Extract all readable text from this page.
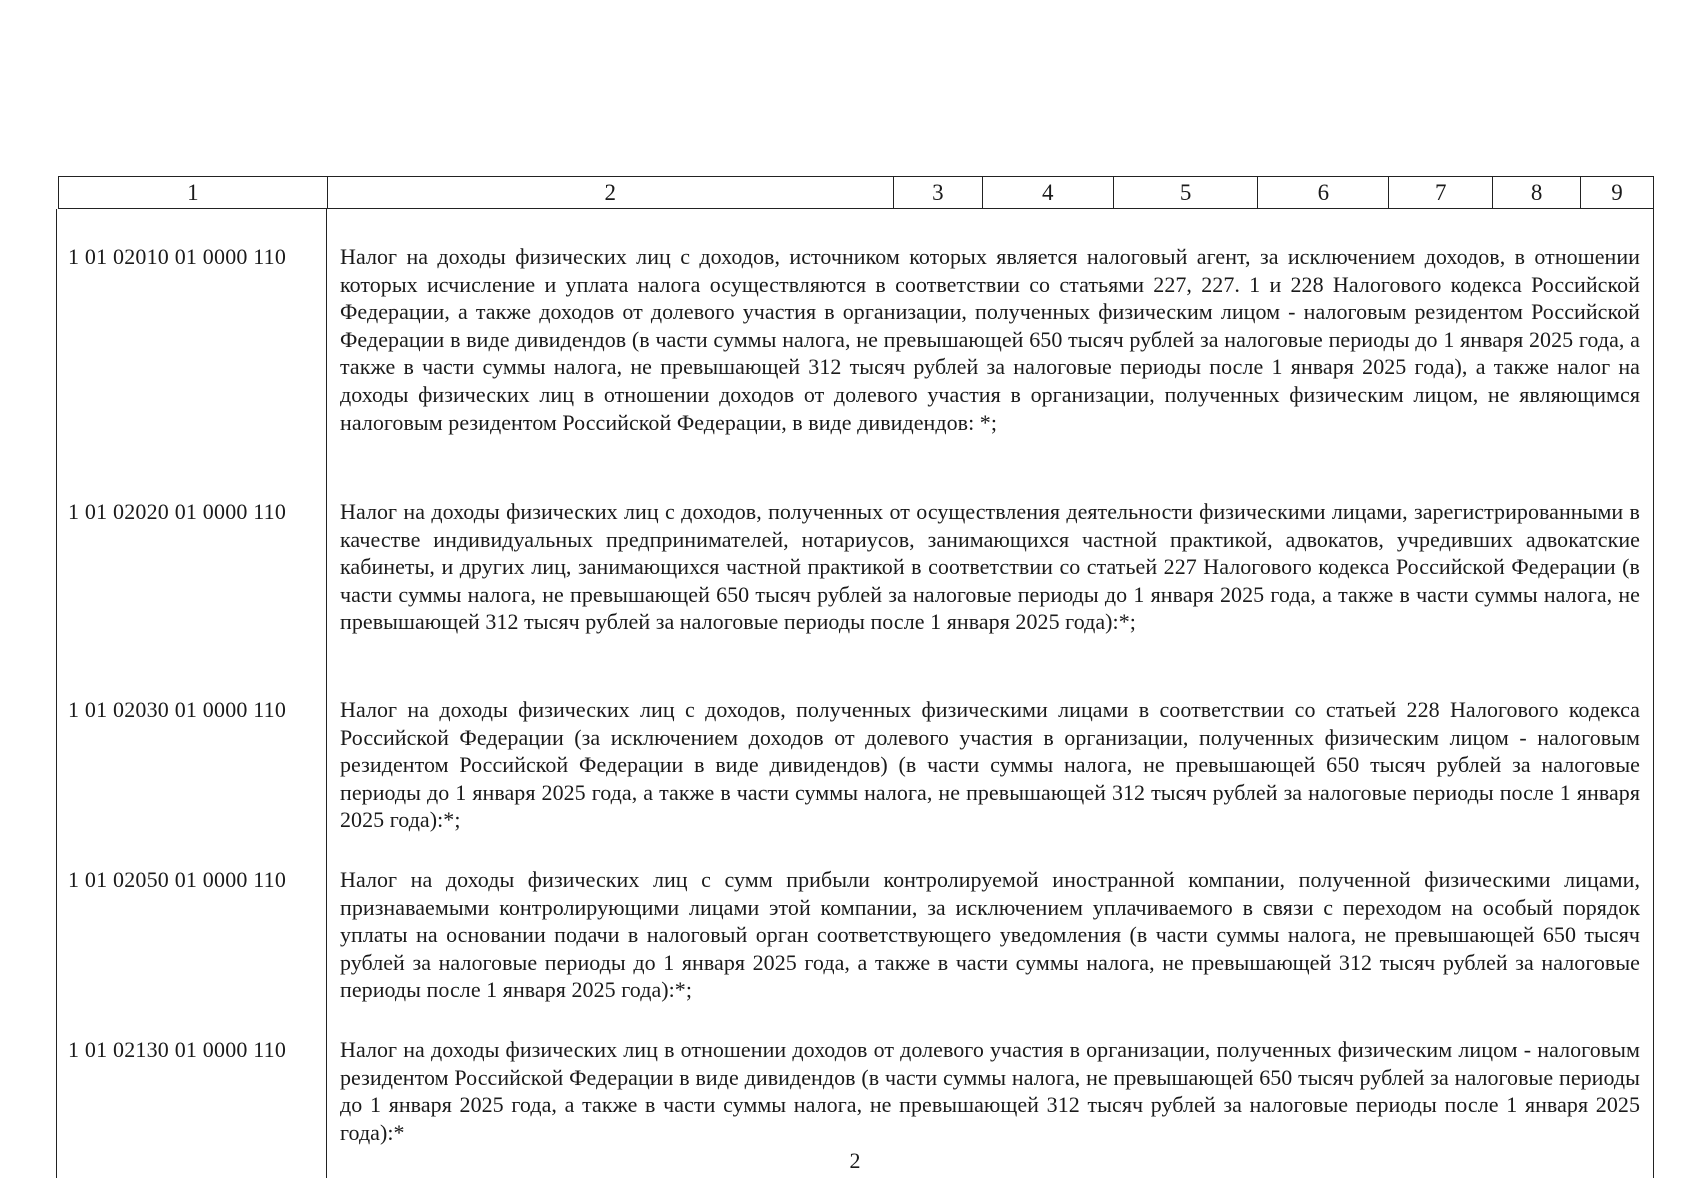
1	2	3	4	5	6	7	8	9
1 01 02010 01 0000 110	Налог на доходы физических лиц с доходов, источником которых является налоговый агент, за исключением доходов, в отношении которых исчисление и уплата налога осуществляются в соответствии со статьями 227, 227. 1 и 228 Налогового кодекса Российской Федерации, а также доходов от долевого участия в организации, полученных физическим лицом - налоговым резидентом Российской Федерации в виде дивидендов (в части суммы налога, не превышающей 650 тысяч рублей за налоговые периоды до 1 января 2025 года, а также в части суммы налога, не превышающей 312 тысяч рублей за налоговые периоды после 1 января 2025 года), а также налог на доходы физических лиц в отношении доходов от долевого участия в организации, полученных физическим лицом, не являющимся налоговым резидентом Российской Федерации, в виде дивидендов: *;
1 01 02020 01 0000 110	Налог на доходы физических лиц с доходов, полученных от осуществления деятельности физическими лицами, зарегистрированными в качестве индивидуальных предпринимателей, нотариусов, занимающихся частной практикой, адвокатов, учредивших адвокатские кабинеты, и других лиц, занимающихся частной практикой в соответствии со статьей 227 Налогового кодекса Российской Федерации (в части суммы налога, не превышающей 650 тысяч рублей за налоговые периоды до 1 января 2025 года, а также в части суммы налога, не превышающей 312 тысяч рублей за налоговые периоды после 1 января 2025 года):*;
1 01 02030 01 0000 110	Налог на доходы физических лиц с доходов, полученных физическими лицами в соответствии со статьей 228 Налогового кодекса Российской Федерации (за исключением доходов от долевого участия в организации, полученных физическим лицом - налоговым резидентом Российской Федерации в виде дивидендов) (в части суммы налога, не превышающей 650 тысяч рублей за налоговые периоды до 1 января 2025 года, а также в части суммы налога, не превышающей 312 тысяч рублей за налоговые периоды после 1 января 2025 года):*;
1 01 02050 01 0000 110	Налог на доходы физических лиц с сумм прибыли контролируемой иностранной компании, полученной физическими лицами, признаваемыми контролирующими лицами этой компании, за исключением уплачиваемого в связи с переходом на особый порядок уплаты на основании подачи в налоговый орган соответствующего уведомления (в части суммы налога, не превышающей 650 тысяч рублей за налоговые периоды до 1 января 2025 года, а также в части суммы налога, не превышающей 312 тысяч рублей за налоговые периоды после 1 января 2025 года):*;
1 01 02130 01 0000 110	Налог на доходы физических лиц в отношении доходов от долевого участия в организации, полученных физическим лицом - налоговым резидентом Российской Федерации в виде дивидендов (в части суммы налога, не превышающей 650 тысяч рублей за налоговые периоды до 1 января 2025 года, а также в части суммы налога, не превышающей 312 тысяч рублей за налоговые периоды после 1 января 2025 года):*
2
